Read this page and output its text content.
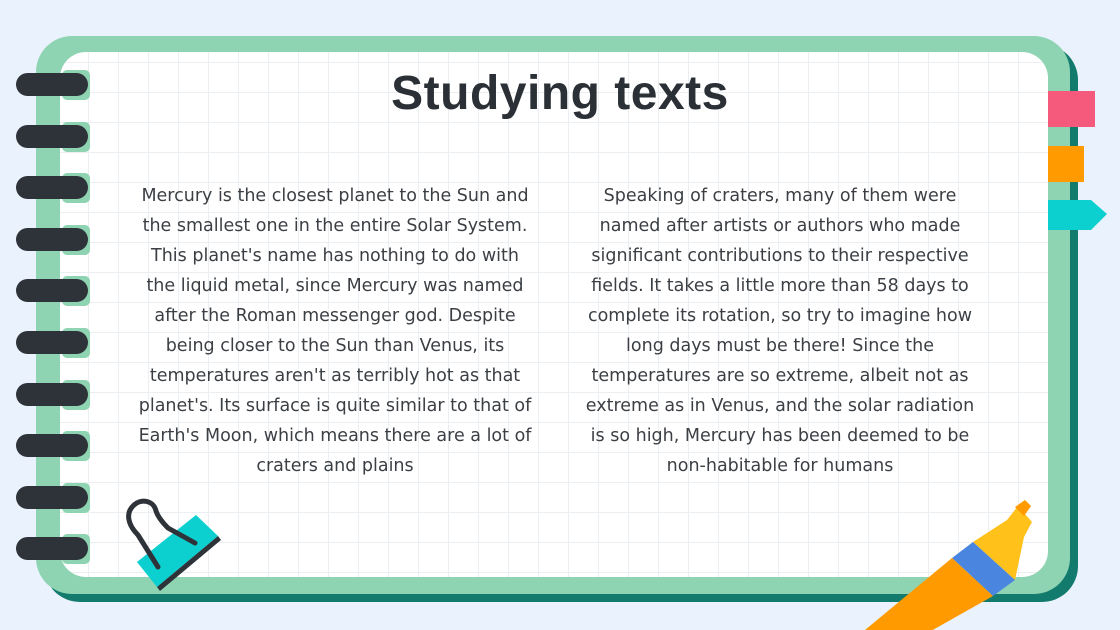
Studying texts
Mercury is the closest planet to the Sun and the smallest one in the entire Solar System. This planet's name has nothing to do with the liquid metal, since Mercury was named after the Roman messenger god. Despite being closer to the Sun than Venus, its temperatures aren't as terribly hot as that planet's. Its surface is quite similar to that of Earth's Moon, which means there are a lot of craters and plains
Speaking of craters, many of them were named after artists or authors who made significant contributions to their respective fields. It takes a little more than 58 days to complete its rotation, so try to imagine how long days must be there! Since the temperatures are so extreme, albeit not as extreme as in Venus, and the solar radiation is so high, Mercury has been deemed to be non-habitable for humans
